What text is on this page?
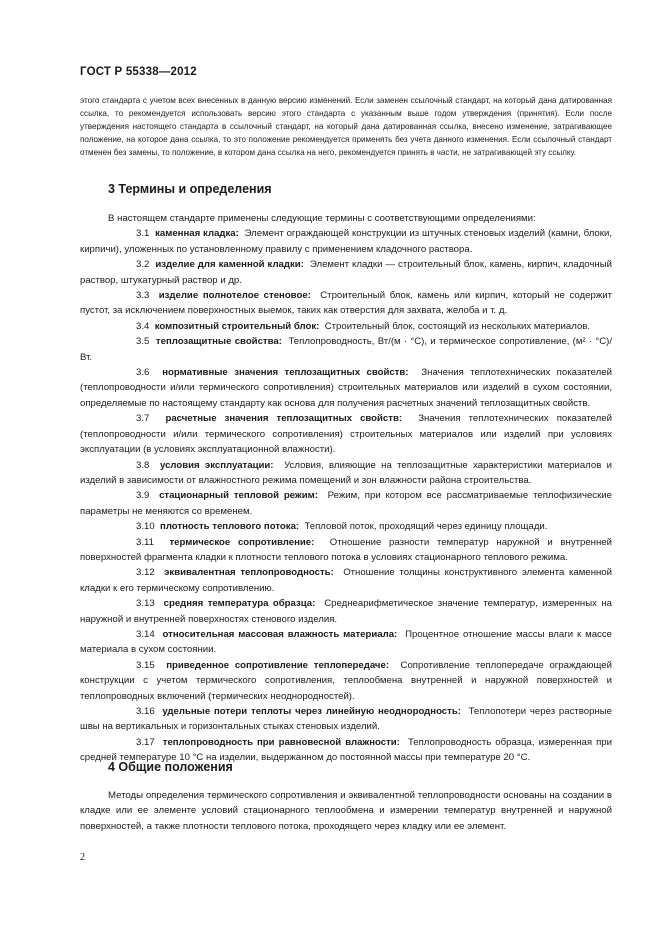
ГОСТ Р 55338—2012

этого стандарта с учетом всех внесенных в данную версию изменений. Если заменен ссылочный стандарт, на который дана датированная ссылка, то рекомендуется использовать версию этого стандарта с указанным выше годом утверждения (принятия). Если после утверждения настоящего стандарта в ссылочный стандарт, на который дана датированная ссылка, внесено изменение, затрагивающее положение, на которое дана ссылка, то это положение рекомендуется применять без учета данного изменения. Если ссылочный стандарт отменен без замены, то положение, в котором дана ссылка на него, рекомендуется принять в части, не затрагивающей эту ссылку.

3 Термины и определения

В настоящем стандарте применены следующие термины с соответствующими определениями:

3.1 каменная кладка: Элемент ограждающей конструкции из штучных стеновых изделий (камни, блоки, кирпичи), уложенных по установленному правилу с применением кладочного раствора.

3.2 изделие для каменной кладки: Элемент кладки — строительный блок, камень, кирпич, кладочный раствор, штукатурный раствор и др.

3.3 изделие полнотелое стеновое: Строительный блок, камень или кирпич, который не содержит пустот, за исключением поверхностных выемок, таких как отверстия для захвата, желоба и т. д.

3.4 композитный строительный блок: Строительный блок, состоящий из нескольких материалов.

3.5 теплозащитные свойства: Теплопроводность, Вт/(м · °С), и термическое сопротивление, (м² · °С)/Вт.

3.6 нормативные значения теплозащитных свойств: Значения теплотехнических показателей (теплопроводности и/или термического сопротивления) строительных материалов или изделий в сухом состоянии, определяемые по настоящему стандарту как основа для получения расчетных значений теплозащитных свойств.

3.7 расчетные значения теплозащитных свойств: Значения теплотехнических показателей (теплопроводности и/или термического сопротивления) строительных материалов или изделий при условиях эксплуатации (в условиях эксплуатационной влажности).

3.8 условия эксплуатации: Условия, влияющие на теплозащитные характеристики материалов и изделий в зависимости от влажностного режима помещений и зон влажности района строительства.

3.9 стационарный тепловой режим: Режим, при котором все рассматриваемые теплофизические параметры не меняются со временем.

3.10 плотность теплового потока: Тепловой поток, проходящий через единицу площади.

3.11 термическое сопротивление: Отношение разности температур наружной и внутренней поверхностей фрагмента кладки к плотности теплового потока в условиях стационарного теплового режима.

3.12 эквивалентная теплопроводность: Отношение толщины конструктивного элемента каменной кладки к его термическому сопротивлению.

3.13 средняя температура образца: Среднеарифметическое значение температур, измеренных на наружной и внутренней поверхностях стенового изделия.

3.14 относительная массовая влажность материала: Процентное отношение массы влаги к массе материала в сухом состоянии.

3.15 приведенное сопротивление теплопередаче: Сопротивление теплопередаче ограждающей конструкции с учетом термического сопротивления, теплообмена внутренней и наружной поверхностей и теплопроводных включений (термических неоднородностей).

3.16 удельные потери теплоты через линейную неоднородность: Теплопотери через растворные швы на вертикальных и горизонтальных стыках стеновых изделий.

3.17 теплопроводность при равновесной влажности: Теплопроводность образца, измеренная при средней температуре 10 °С на изделии, выдержанном до постоянной массы при температуре 20 °С.

4 Общие положения

Методы определения термического сопротивления и эквивалентной теплопроводности основаны на создании в кладке или ее элементе условий стационарного теплообмена и измерении температур внутренней и наружной поверхностей, а также плотности теплового потока, проходящего через кладку или ее элемент.

2
